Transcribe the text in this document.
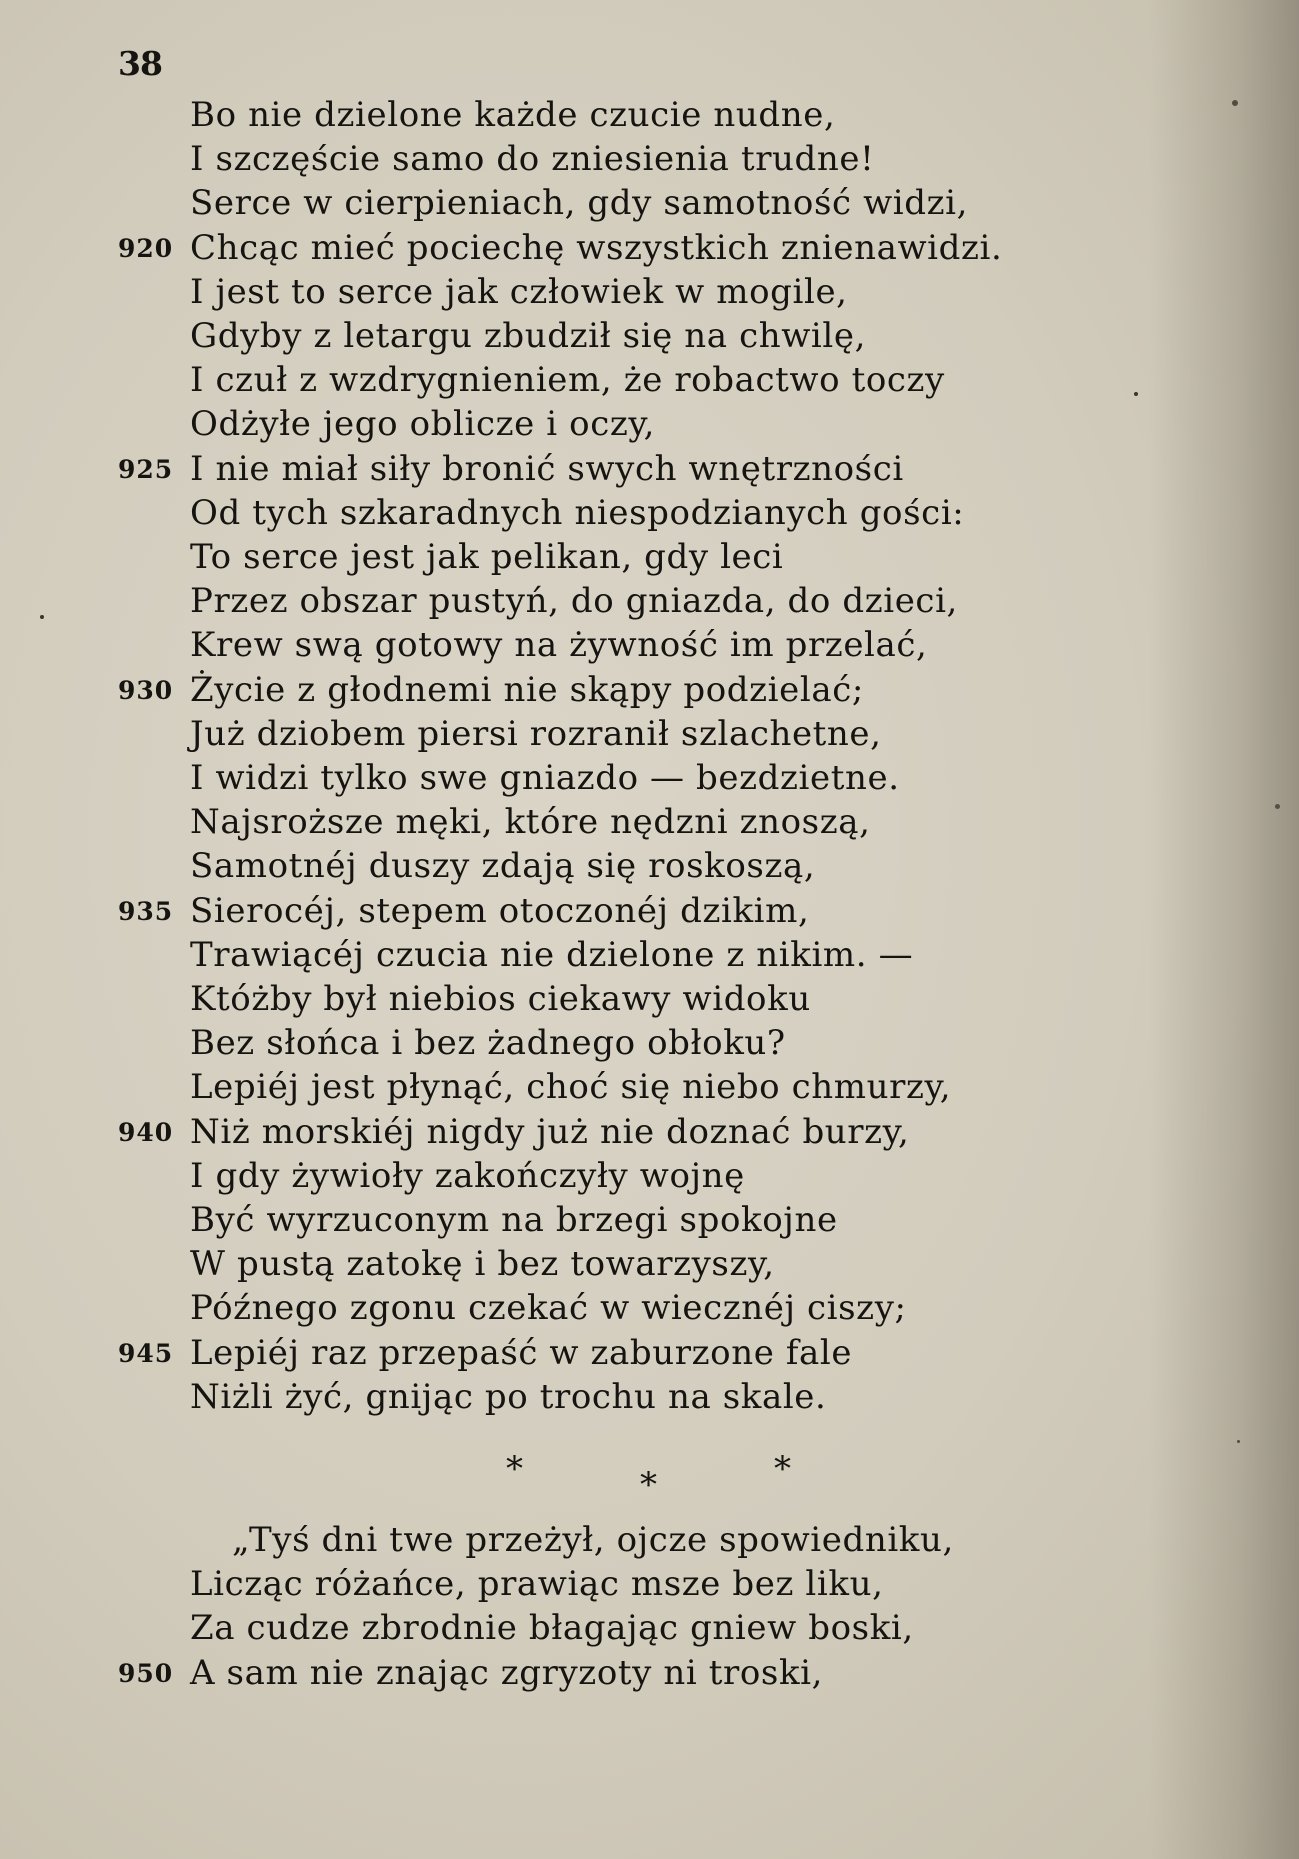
38
Bo nie dzielone każde czucie nudne,
I szczęście samo do zniesienia trudne!
Serce w cierpieniach, gdy samotność widzi,
Chcąc mieć pociechę wszystkich znienawidzi.
920
I jest to serce jak człowiek w mogile,
Gdyby z letargu zbudził się na chwilę,
I czuł z wzdrygnieniem, że robactwo toczy
Odżyłe jego oblicze i oczy,
I nie miał siły bronić swych wnętrzności
925
Od tych szkaradnych niespodzianych gości:
To serce jest jak pelikan, gdy leci
Przez obszar pustyń, do gniazda, do dzieci,
Krew swą gotowy na żywność im przelać,
Życie z głodnemi nie skąpy podzielać;
930
Już dziobem piersi rozranił szlachetne,
I widzi tylko swe gniazdo — bezdzietne.
Najsroższe męki, które nędzni znoszą,
Samotnéj duszy zdają się roskoszą,
Sierocéj, stepem otoczonéj dzikim,
935
Trawiącéj czucia nie dzielone z nikim. —
Któżby był niebios ciekawy widoku
Bez słońca i bez żadnego obłoku?
Lepiéj jest płynąć, choć się niebo chmurzy,
Niż morskiéj nigdy już nie doznać burzy,
940
I gdy żywioły zakończyły wojnę
Być wyrzuconym na brzegi spokojne
W pustą zatokę i bez towarzyszy,
Późnego zgonu czekać w wiecznéj ciszy;
Lepiéj raz przepaść w zaburzone fale
945
Niżli żyć, gnijąc po trochu na skale.
„Tyś dni twe przeżył, ojcze spowiedniku,
Licząc różańce, prawiąc msze bez liku,
Za cudze zbrodnie błagając gniew boski,
A sam nie znając zgryzoty ni troski,
950
*	*	*
